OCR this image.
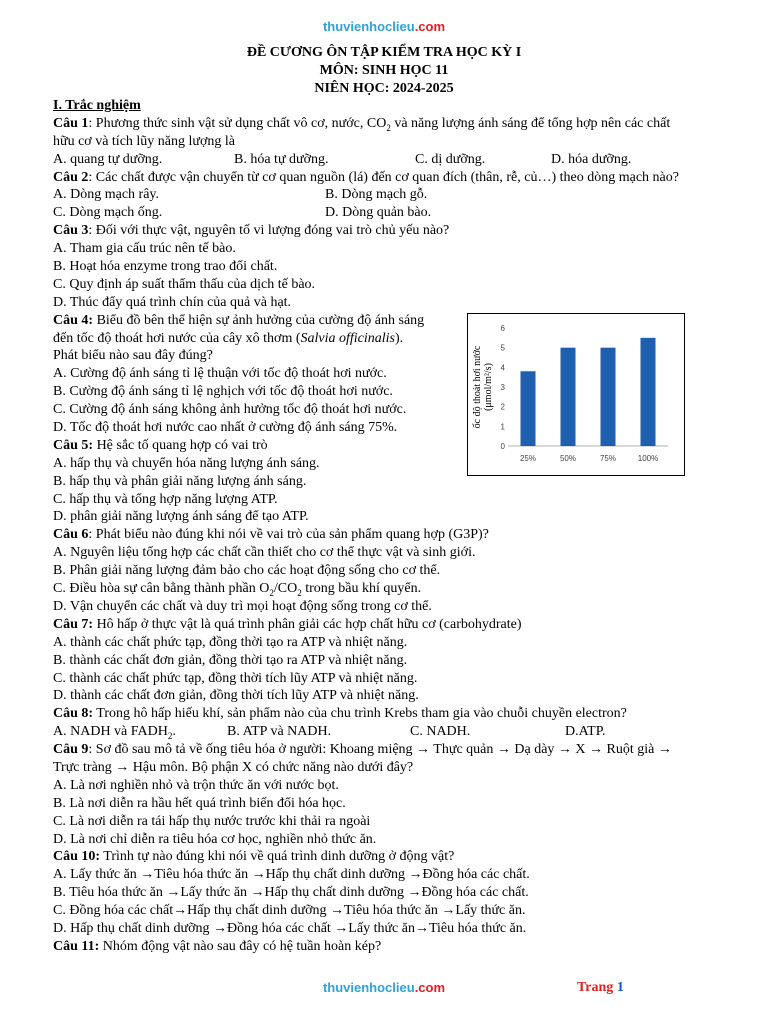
thuvienhoclieu.com
ĐỀ CƯƠNG ÔN TẬP KIỂM TRA HỌC KỲ I
MÔN: SINH HỌC 11
NIÊN HỌC: 2024-2025
I. Trắc nghiệm
Câu 1: Phương thức sinh vật sử dụng chất vô cơ, nước, $CO_2$ và năng lượng ánh sáng để tổng hợp nên các chất
hữu cơ và tích lũy năng lượng là
A. quang tự dưỡng.	B. hóa tự dưỡng.	C. dị dưỡng.	D. hóa dưỡng.
Câu 2: Các chất được vận chuyển từ cơ quan nguồn (lá) đến cơ quan đích (thân, rễ, củ…) theo dòng mạch nào?
A. Dòng mạch rây.	B. Dòng mạch gỗ.
C. Dòng mạch ống.	D. Dòng quản bào.
Câu 3: Đối với thực vật, nguyên tố vi lượng đóng vai trò chủ yếu nào?
A. Tham gia cấu trúc nên tế bào.
B. Hoạt hóa enzyme trong trao đổi chất.
C. Quy định áp suất thẩm thấu của dịch tế bào.
D. Thúc đẩy quá trình chín của quả và hạt.
Câu 4: Biểu đồ bên thể hiện sự ảnh hưởng của cường độ ánh sáng
đến tốc độ thoát hơi nước của cây xô thơm (Salvia officinalis).
Phát biểu nào sau đây đúng?
A. Cường độ ánh sáng tỉ lệ thuận với tốc độ thoát hơi nước.
B. Cường độ ánh sáng tỉ lệ nghịch với tốc độ thoát hơi nước.
C. Cường độ ánh sáng không ảnh hưởng tốc độ thoát hơi nước.
D. Tốc độ thoát hơi nước cao nhất ở cường độ ánh sáng 75%.
Câu 5: Hệ sắc tố quang hợp có vai trò
A. hấp thụ và chuyển hóa năng lượng ánh sáng.
B. hấp thụ và phân giải năng lượng ánh sáng.
C. hấp thụ và tổng hợp năng lượng ATP.
D. phân giải năng lượng ánh sáng để tạo ATP.
Câu 6: Phát biểu nào đúng khi nói về vai trò của sản phẩm quang hợp (G3P)?
A. Nguyên liệu tổng hợp các chất cần thiết cho cơ thể thực vật và sinh giới.
B. Phân giải năng lượng đảm bảo cho các hoạt động sống cho cơ thể.
C. Điều hòa sự cân bằng thành phần $O_2/CO_2$ trong bầu khí quyển.
D. Vận chuyển các chất và duy trì mọi hoạt động sống trong cơ thể.
Câu 7: Hô hấp ở thực vật là quá trình phân giải các hợp chất hữu cơ (carbohydrate)
A. thành các chất phức tạp, đồng thời tạo ra ATP và nhiệt năng.
B. thành các chất đơn giản, đồng thời tạo ra ATP và nhiệt năng.
C. thành các chất phức tạp, đồng thời tích lũy ATP và nhiệt năng.
D. thành các chất đơn giản, đồng thời tích lũy ATP và nhiệt năng.
Câu 8: Trong hô hấp hiếu khí, sản phẩm nào của chu trình Krebs tham gia vào chuỗi chuyền electron?
A. NADH và $FADH_2$.	B. ATP và NADH.	C. NADH.	D.ATP.
Câu 9: Sơ đồ sau mô tả về ống tiêu hóa ở người: Khoang miệng → Thực quản → Dạ dày → X → Ruột già →
Trực tràng → Hậu môn. Bộ phận X có chức năng nào dưới đây?
A. Là nơi nghiền nhỏ và trộn thức ăn với nước bọt.
B. Là nơi diễn ra hầu hết quá trình biến đổi hóa học.
C. Là nơi diễn ra tái hấp thụ nước trước khi thải ra ngoài
D. Là nơi chỉ diễn ra tiêu hóa cơ học, nghiền nhỏ thức ăn.
Câu 10: Trình tự nào đúng khi nói về quá trình dinh dưỡng ở động vật?
A. Lấy thức ăn →Tiêu hóa thức ăn →Hấp thụ chất dinh dưỡng →Đồng hóa các chất.
B. Tiêu hóa thức ăn →Lấy thức ăn →Hấp thụ chất dinh dưỡng →Đồng hóa các chất.
C. Đồng hóa các chất→Hấp thụ chất dinh dưỡng →Tiêu hóa thức ăn →Lấy thức ăn.
D. Hấp thụ chất dinh dưỡng →Đồng hóa các chất →Lấy thức ăn→Tiêu hóa thức ăn.
Câu 11: Nhóm động vật nào sau đây có hệ tuần hoàn kép?
ốc độ thoát hơi nước (μmol/m²/s)
0
1
2
3
4
5
6
25%	50%	75%	100%
thuvienhoclieu.com	Trang 1
